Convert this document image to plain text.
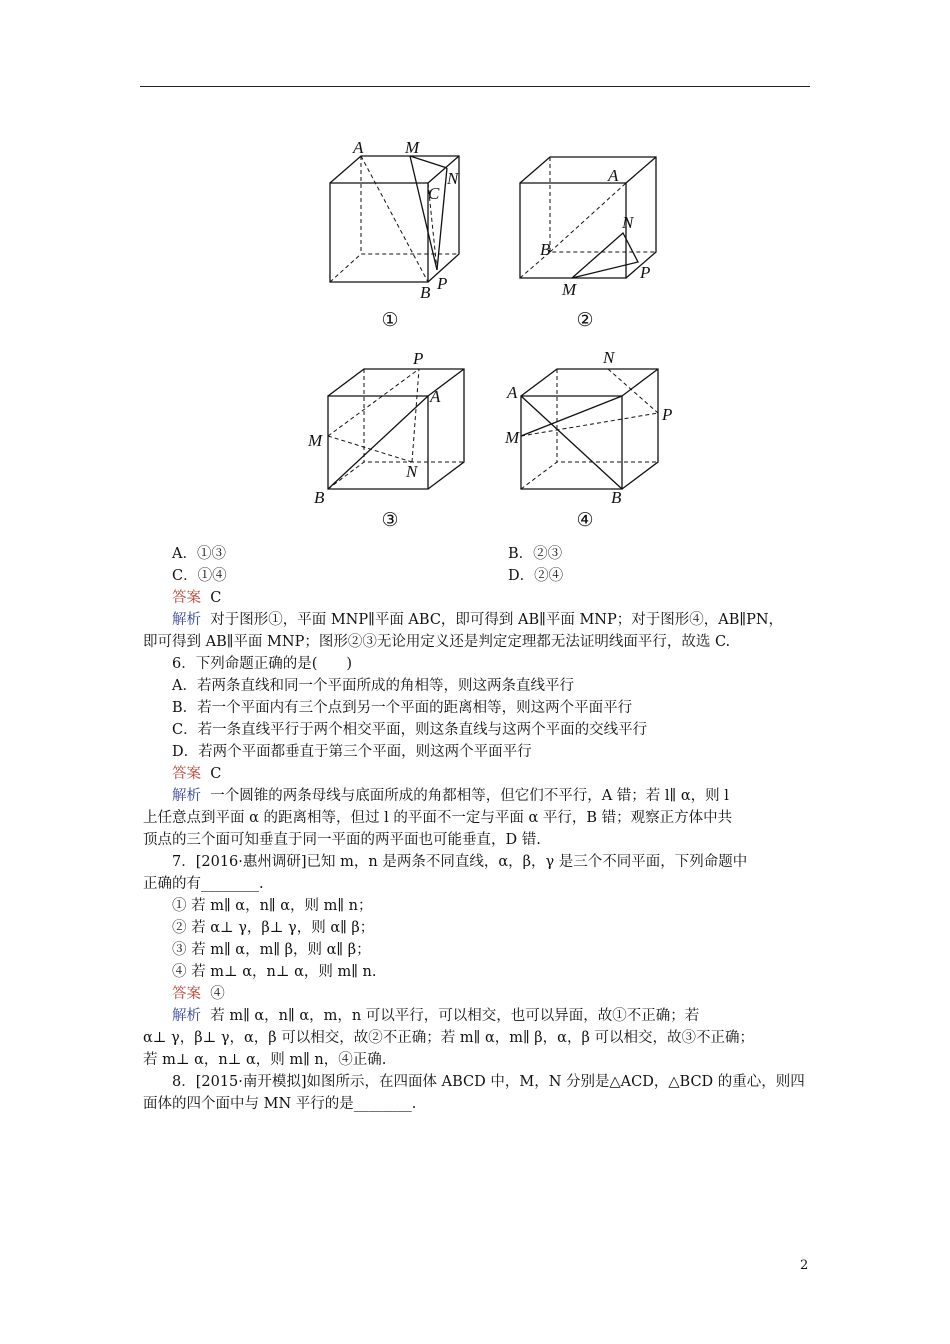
A M
N
C
B P
①
A
N
B
M
P
②
P
A
M
N
B
③
N
A
P
M
B
④
A．①③	B．②③
C．①④	D．②④
答案 C
解析 对于图形①，平面 MNP∥平面 ABC，即可得到 AB∥平面 MNP；对于图形④，AB∥PN，
即可得到 AB∥平面 MNP；图形②③无论用定义还是判定定理都无法证明线面平行，故选 C.
6．下列命题正确的是(　　)
A．若两条直线和同一个平面所成的角相等，则这两条直线平行
B．若一个平面内有三个点到另一个平面的距离相等，则这两个平面平行
C．若一条直线平行于两个相交平面，则这条直线与这两个平面的交线平行
D．若两个平面都垂直于第三个平面，则这两个平面平行
答案 C
解析 一个圆锥的两条母线与底面所成的角都相等，但它们不平行，A 错；若 l∥ α，则 l
上任意点到平面 α 的距离相等，但过 l 的平面不一定与平面 α 平行，B 错；观察正方体中共
顶点的三个面可知垂直于同一平面的两平面也可能垂直，D 错.
7．[2016·惠州调研]已知 m，n 是两条不同直线，α，β，γ 是三个不同平面，下列命题中
正确的有________.
① 若 m∥ α，n∥ α，则 m∥ n；
② 若 α⊥ γ，β⊥ γ，则 α∥ β；
③ 若 m∥ α，m∥ β，则 α∥ β；
④ 若 m⊥ α，n⊥ α，则 m∥ n.
答案 ④
解析 若 m∥ α，n∥ α，m，n 可以平行，可以相交，也可以异面，故①不正确；若
α⊥ γ，β⊥ γ，α，β 可以相交，故②不正确；若 m∥ α，m∥ β，α，β 可以相交，故③不正确；
若 m⊥ α，n⊥ α，则 m∥ n，④正确.
8．[2015·南开模拟]如图所示，在四面体 ABCD 中，M，N 分别是△ACD，△BCD 的重心，则四
面体的四个面中与 MN 平行的是________.
2
